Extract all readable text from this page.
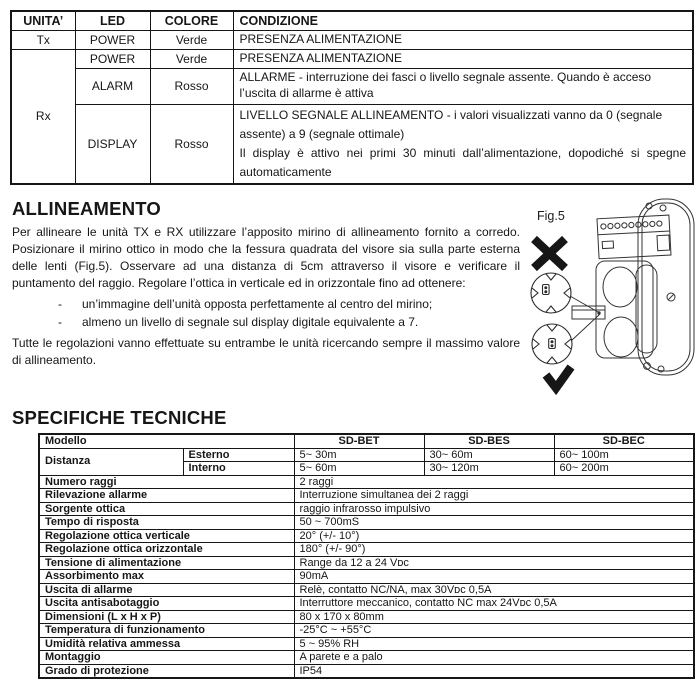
UNITA’	LED	COLORE	CONDIZIONE
Tx	POWER	Verde	PRESENZA ALIMENTAZIONE
Rx	POWER	Verde	PRESENZA ALIMENTAZIONE
	ALARM	Rosso	ALLARME - interruzione dei fasci o livello segnale assente. Quando è acceso l’uscita di allarme è attiva
	DISPLAY	Rosso	LIVELLO SEGNALE ALLINEAMENTO - i valori visualizzati vanno da 0 (segnale assente) a 9 (segnale ottimale)

Il display è attivo nei primi 30 minuti dall’alimentazione, dopodiché si spegne automaticamente

ALLINEAMENTO

Per allineare le unità TX e RX utilizzare l’apposito mirino di allineamento fornito a corredo. Posizionare il mirino ottico in modo che la fessura quadrata del visore sia sulla parte esterna delle lenti (Fig.5). Osservare ad una distanza di 5cm attraverso il visore e verificare il puntamento del raggio. Regolare l’ottica in verticale ed in orizzontale fino ad ottenere:

-	un’immagine dell’unità opposta perfettamente al centro del mirino;
-	almeno un livello di segnale sul display digitale equivalente a 7.

Tutte le regolazioni vanno effettuate su entrambe le unità ricercando sempre il massimo valore di allineamento.

Fig.5
SPECIFICHE TECNICHE
Modello		SD-BET	SD-BES	SD-BEC
Distanza	Esterno	5~ 30m	30~ 60m	60~ 100m
	Interno	5~ 60m	30~ 120m	60~ 200m
Numero raggi		2 raggi		
Rilevazione allarme		Interruzione simultanea dei 2 raggi		
Sorgente ottica		raggio infrarosso impulsivo		
Tempo di risposta		50 ~ 700mS		
Regolazione ottica verticale		20° (+/- 10°)		
Regolazione ottica orizzontale		180° (+/- 90°)		
Tensione di alimentazione		Range da 12 a 24 Vᴅᴄ		
Assorbimento max		90mA		
Uscita di allarme		Relè, contatto NC/NA, max 30Vᴅᴄ 0,5A		
Uscita antisabotaggio		Interruttore meccanico, contatto NC max 24Vᴅᴄ 0,5A		
Dimensioni (L x H x P)		80 x 170 x 80mm		
Temperatura di funzionamento		-25°C ~ +55°C		
Umidità relativa ammessa		5 ~ 95% RH		
Montaggio		A parete e a palo		
Grado di protezione		IP54		
